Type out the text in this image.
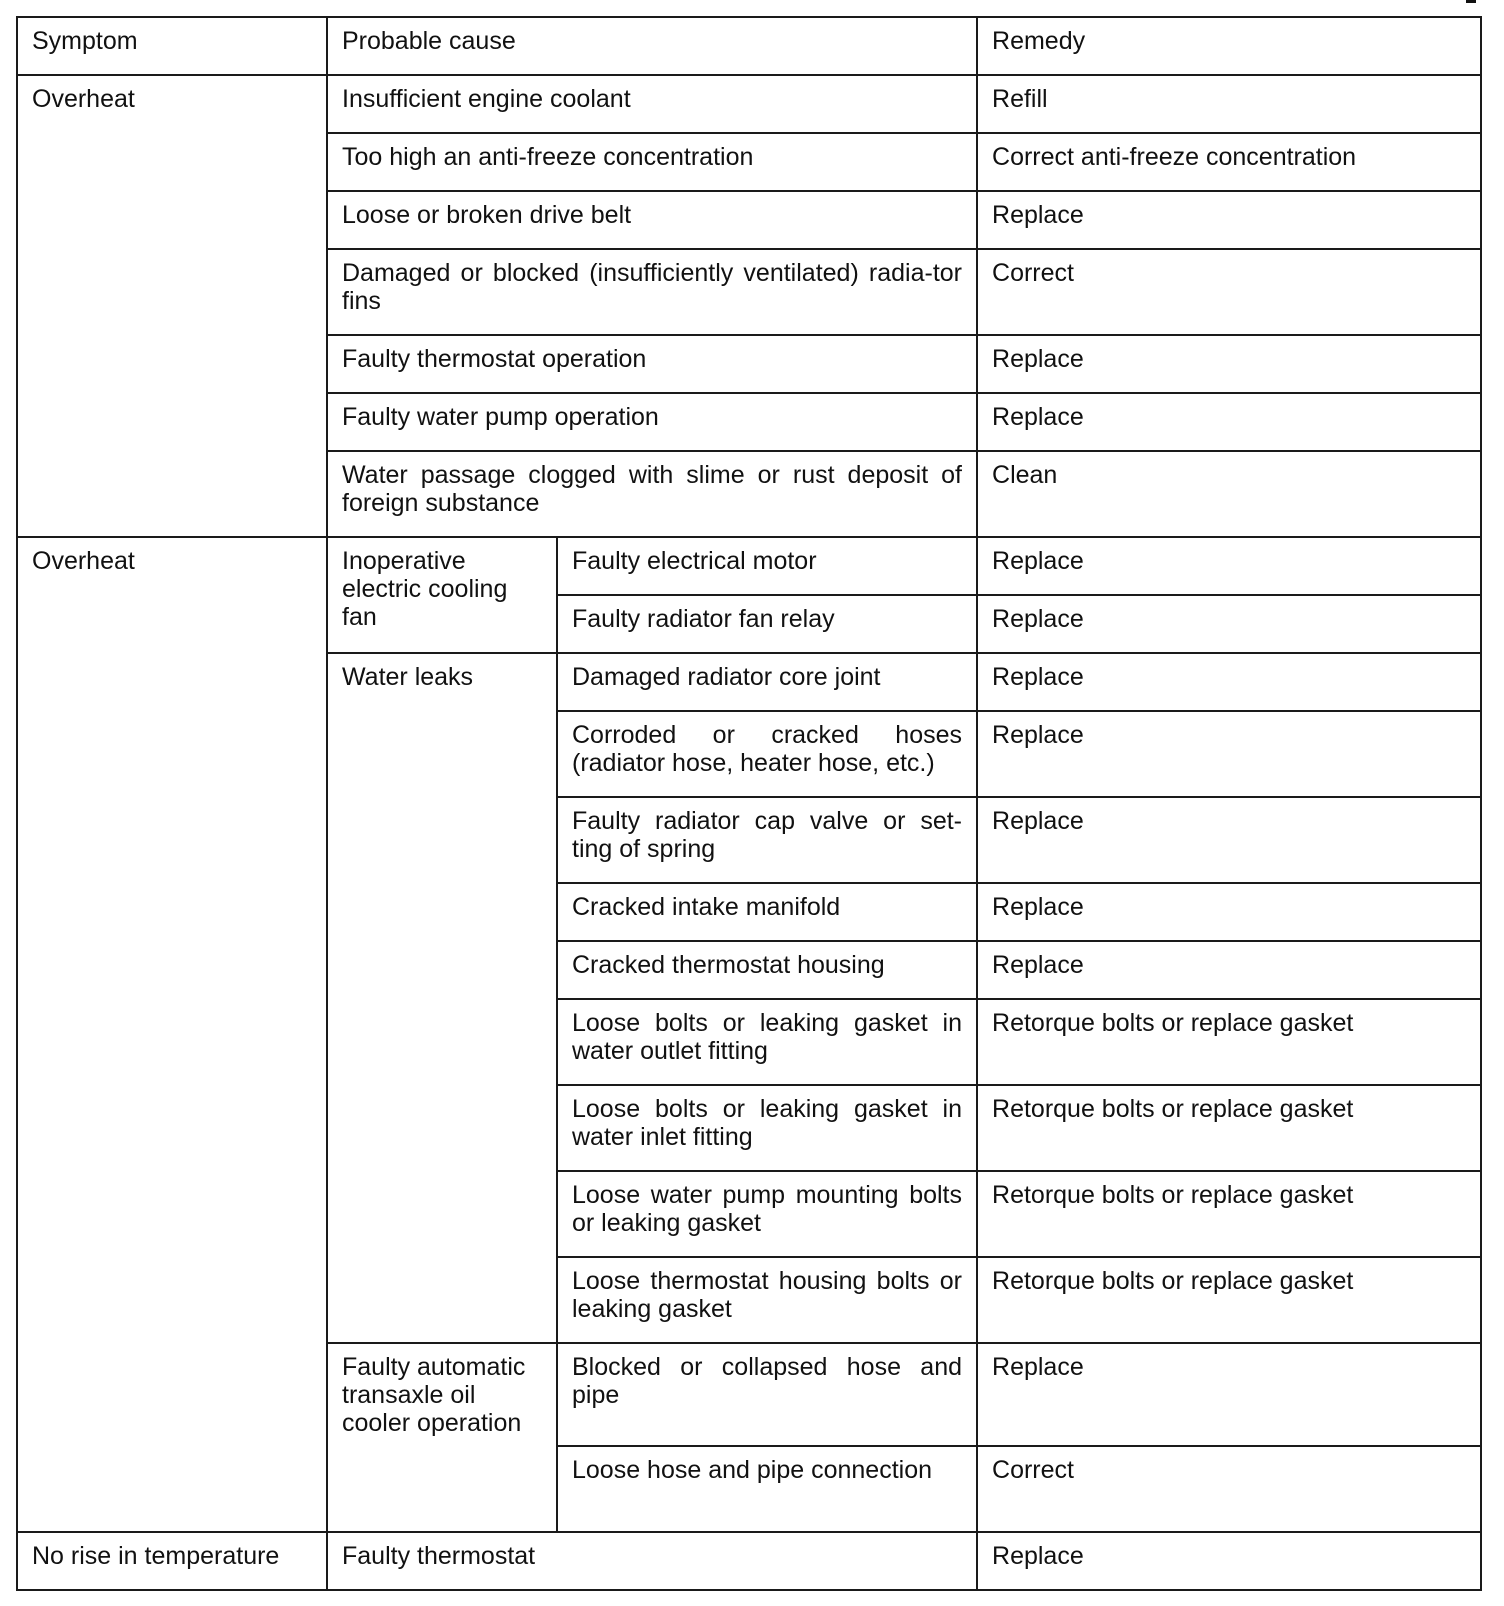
Symptom	Probable cause		Remedy
Overheat	Insufficient engine coolant		Refill
	Too high an anti-freeze concentration		Correct anti-freeze concentration
	Loose or broken drive belt		Replace
	Damaged or blocked (insufficiently ventilated) radia-tor fins		Correct
	Faulty thermostat operation		Replace
	Faulty water pump operation		Replace
	Water passage clogged with slime or rust deposit of foreign substance		Clean
Overheat	Inoperative electric cooling fan	Faulty electrical motor	Replace
		Faulty radiator fan relay	Replace
	Water leaks	Damaged radiator core joint	Replace
		Corroded or cracked hoses (radiator hose, heater hose, etc.)	Replace
		Faulty radiator cap valve or set-ting of spring	Replace
		Cracked intake manifold	Replace
		Cracked thermostat housing	Replace
		Loose bolts or leaking gasket in water outlet fitting	Retorque bolts or replace gasket
		Loose bolts or leaking gasket in water inlet fitting	Retorque bolts or replace gasket
		Loose water pump mounting bolts or leaking gasket	Retorque bolts or replace gasket
		Loose thermostat housing bolts or leaking gasket	Retorque bolts or replace gasket
	Faulty automatic transaxle oil cooler operation	Blocked or collapsed hose and pipe	Replace
		Loose hose and pipe connection	Correct
No rise in temperature	Faulty thermostat		Replace
